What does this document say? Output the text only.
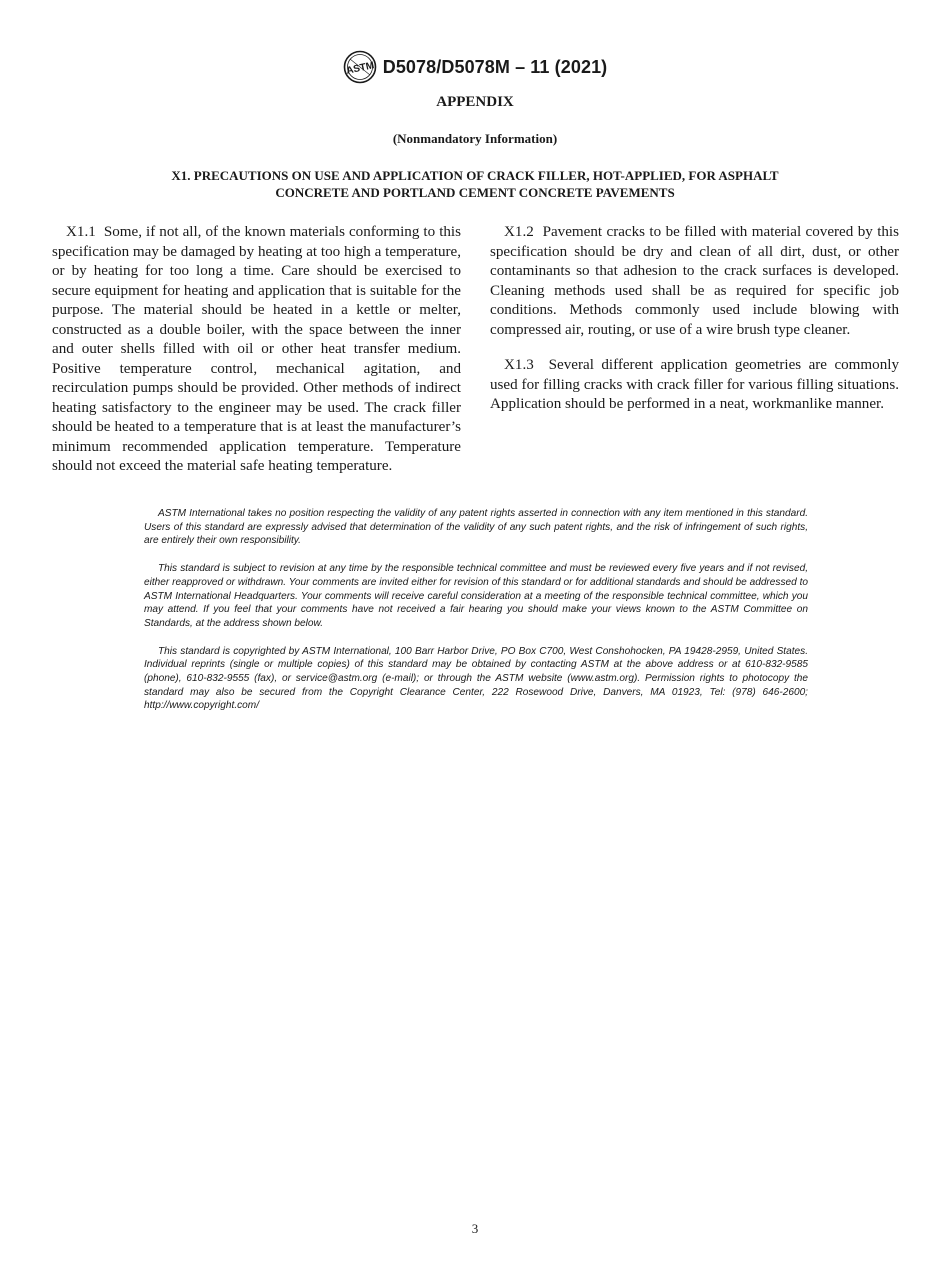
ASTM D5078/D5078M – 11 (2021)
APPENDIX
(Nonmandatory Information)
X1. PRECAUTIONS ON USE AND APPLICATION OF CRACK FILLER, HOT-APPLIED, FOR ASPHALT
CONCRETE AND PORTLAND CEMENT CONCRETE PAVEMENTS

X1.1 Some, if not all, of the known materials conforming to this specification may be damaged by heating at too high a temperature, or by heating for too long a time. Care should be exercised to secure equipment for heating and application that is suitable for the purpose. The material should be heated in a kettle or melter, constructed as a double boiler, with the space between the inner and outer shells filled with oil or other heat transfer medium. Positive temperature control, mechanical agitation, and recirculation pumps should be provided. Other methods of indirect heating satisfactory to the engineer may be used. The crack filler should be heated to a temperature that is at least the manufacturer’s minimum recommended application temperature. Temperature should not exceed the material safe heating temperature.

X1.2 Pavement cracks to be filled with material covered by this specification should be dry and clean of all dirt, dust, or other contaminants so that adhesion to the crack surfaces is developed. Cleaning methods used shall be as required for specific job conditions. Methods commonly used include blowing with compressed air, routing, or use of a wire brush type cleaner.

X1.3 Several different application geometries are commonly used for filling cracks with crack filler for various filling situations. Application should be performed in a neat, workmanlike manner.

ASTM International takes no position respecting the validity of any patent rights asserted in connection with any item mentioned in this standard. Users of this standard are expressly advised that determination of the validity of any such patent rights, and the risk of infringement of such rights, are entirely their own responsibility.

This standard is subject to revision at any time by the responsible technical committee and must be reviewed every five years and if not revised, either reapproved or withdrawn. Your comments are invited either for revision of this standard or for additional standards and should be addressed to ASTM International Headquarters. Your comments will receive careful consideration at a meeting of the responsible technical committee, which you may attend. If you feel that your comments have not received a fair hearing you should make your views known to the ASTM Committee on Standards, at the address shown below.

This standard is copyrighted by ASTM International, 100 Barr Harbor Drive, PO Box C700, West Conshohocken, PA 19428-2959, United States. Individual reprints (single or multiple copies) of this standard may be obtained by contacting ASTM at the above address or at 610-832-9585 (phone), 610-832-9555 (fax), or service@astm.org (e-mail); or through the ASTM website (www.astm.org). Permission rights to photocopy the standard may also be secured from the Copyright Clearance Center, 222 Rosewood Drive, Danvers, MA 01923, Tel: (978) 646-2600; http://www.copyright.com/

3
